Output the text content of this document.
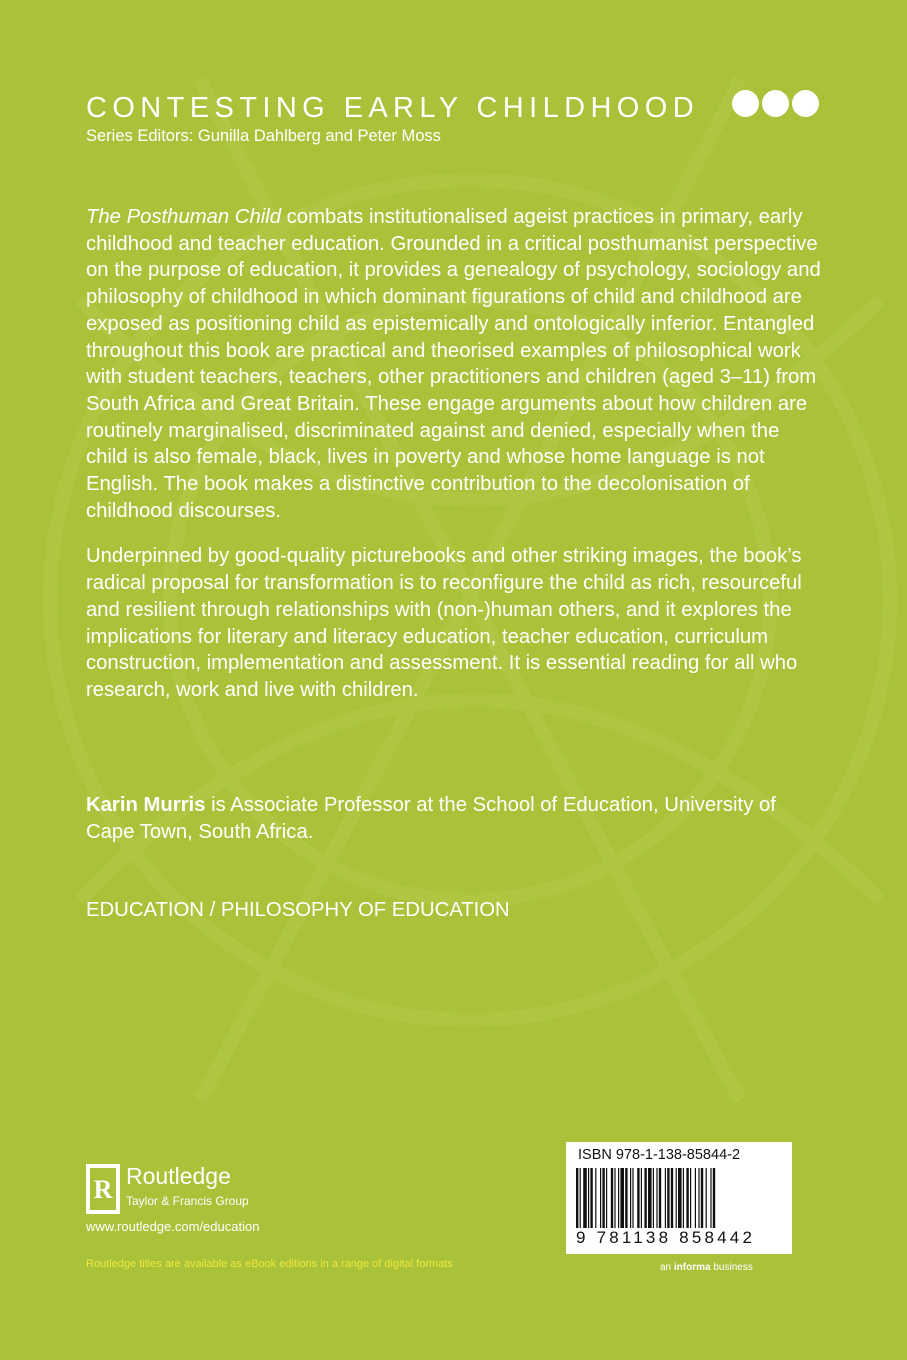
CONTESTING EARLY CHILDHOOD
Series Editors: Gunilla Dahlberg and Peter Moss

The Posthuman Child combats institutionalised ageist practices in primary, early childhood and teacher education. Grounded in a critical posthumanist perspective on the purpose of education, it provides a genealogy of psychology, sociology and philosophy of childhood in which dominant figurations of child and childhood are exposed as positioning child as epistemically and ontologically inferior. Entangled throughout this book are practical and theorised examples of philosophical work with student teachers, teachers, other practitioners and children (aged 3–11) from South Africa and Great Britain. These engage arguments about how children are routinely marginalised, discriminated against and denied, especially when the child is also female, black, lives in poverty and whose home language is not English. The book makes a distinctive contribution to the decolonisation of childhood discourses.

Underpinned by good-quality picturebooks and other striking images, the book’s radical proposal for transformation is to reconfigure the child as rich, resourceful and resilient through relationships with (non-)human others, and it explores the implications for literary and literacy education, teacher education, curriculum construction, implementation and assessment. It is essential reading for all who research, work and live with children.

Karin Murris is Associate Professor at the School of Education, University of Cape Town, South Africa.
EDUCATION / PHILOSOPHY OF EDUCATION
R Routledge
Taylor & Francis Group
www.routledge.com/education
Routledge titles are available as eBook editions in a range of digital formats
ISBN 978-1-138-85844-2
9 781138 858442
an informa business
